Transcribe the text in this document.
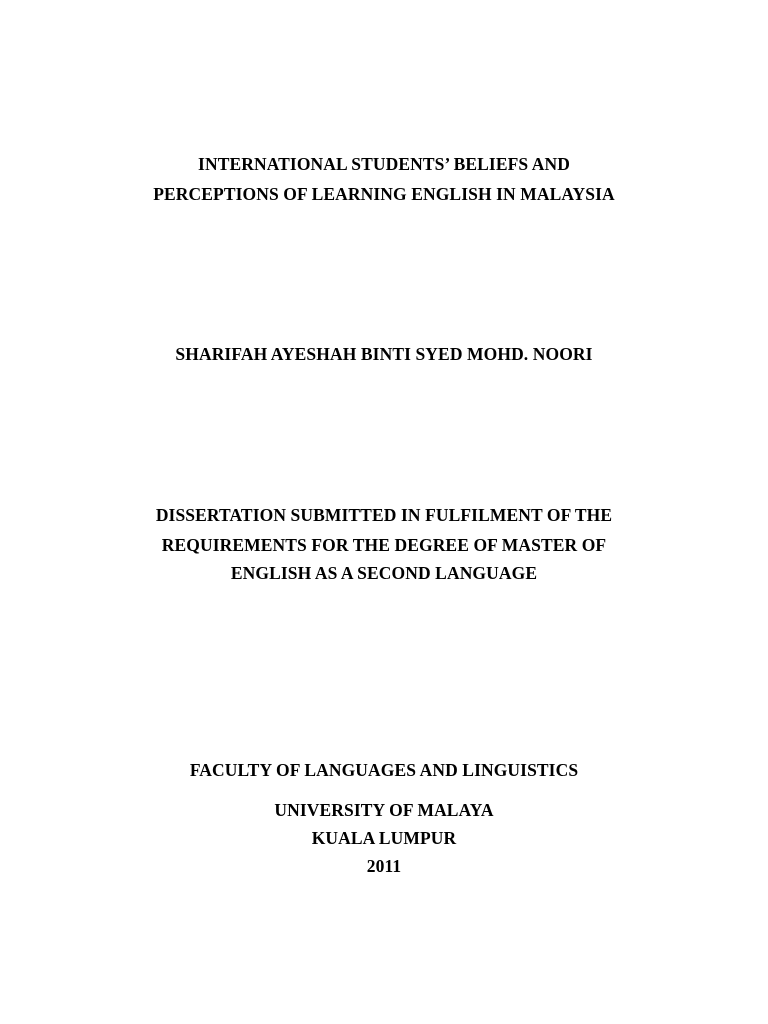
INTERNATIONAL STUDENTS’ BELIEFS AND
PERCEPTIONS OF LEARNING ENGLISH IN MALAYSIA
SHARIFAH AYESHAH BINTI SYED MOHD. NOORI
DISSERTATION SUBMITTED IN FULFILMENT OF THE
REQUIREMENTS FOR THE DEGREE OF MASTER OF
ENGLISH AS A SECOND LANGUAGE
FACULTY OF LANGUAGES AND LINGUISTICS
UNIVERSITY OF MALAYA
KUALA LUMPUR
2011
